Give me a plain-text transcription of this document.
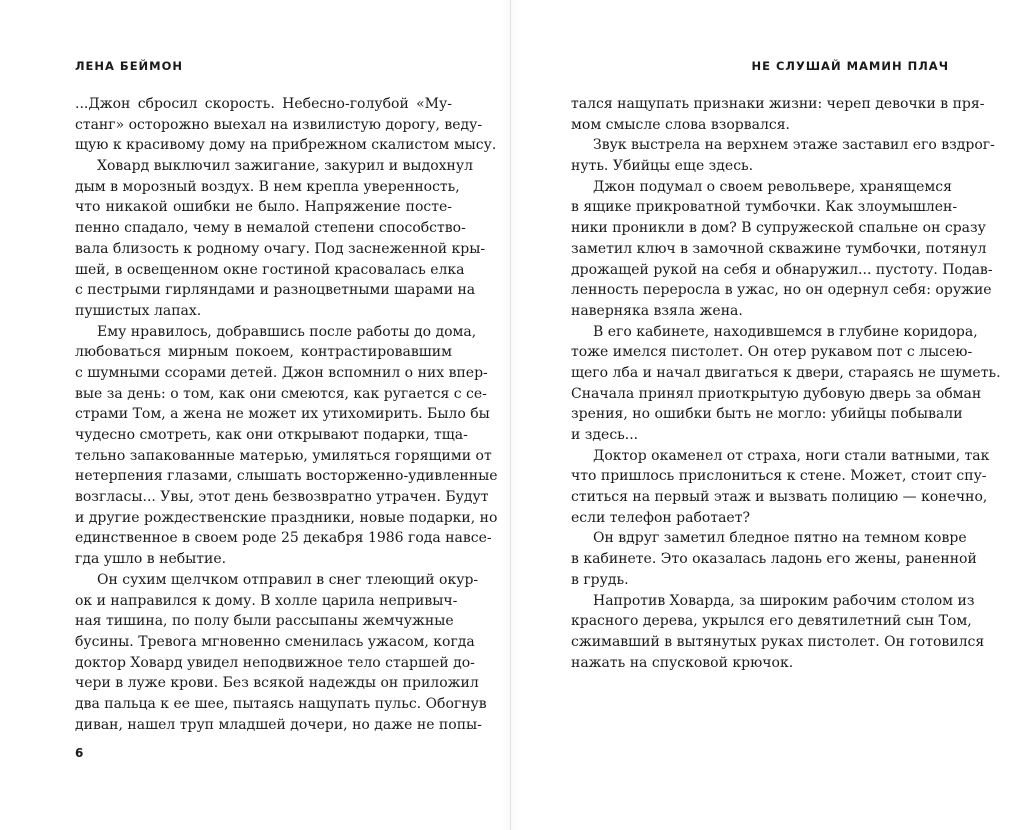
ЛЕНА БЕЙМОН	НЕ СЛУШАЙ МАМИН ПЛАЧ
...Джон сбросил скорость. Небесно-голубой «Му-
станг» осторожно выехал на извилистую дорогу, веду-
щую к красивому дому на прибрежном скалистом мысу.
Ховард выключил зажигание, закурил и выдохнул
дым в морозный воздух. В нем крепла уверенность,
что никакой ошибки не было. Напряжение посте-
пенно спадало, чему в немалой степени способство-
вала близость к родному очагу. Под заснеженной кры-
шей, в освещенном окне гостиной красовалась елка
с пестрыми гирляндами и разноцветными шарами на
пушистых лапах.
Ему нравилось, добравшись после работы до дома,
любоваться мирным покоем, контрастировавшим
с шумными ссорами детей. Джон вспомнил о них впер-
вые за день: о том, как они смеются, как ругается с се-
страми Том, а жена не может их утихомирить. Было бы
чудесно смотреть, как они открывают подарки, тща-
тельно запакованные матерью, умиляться горящими от
нетерпения глазами, слышать восторженно-удивленные
возгласы... Увы, этот день безвозвратно утрачен. Будут
и другие рождественские праздники, новые подарки, но
единственное в своем роде 25 декабря 1986 года навсе-
гда ушло в небытие.
Он сухим щелчком отправил в снег тлеющий окур-
ок и направился к дому. В холле царила непривыч-
ная тишина, по полу были рассыпаны жемчужные
бусины. Тревога мгновенно сменилась ужасом, когда
доктор Ховард увидел неподвижное тело старшей до-
чери в луже крови. Без всякой надежды он приложил
два пальца к ее шее, пытаясь нащупать пульс. Обогнув
диван, нашел труп младшей дочери, но даже не попы-
тался нащупать признаки жизни: череп девочки в пря-
мом смысле слова взорвался.
Звук выстрела на верхнем этаже заставил его вздрог-
нуть. Убийцы еще здесь.
Джон подумал о своем револьвере, хранящемся
в ящике прикроватной тумбочки. Как злоумышлен-
ники проникли в дом? В супружеской спальне он сразу
заметил ключ в замочной скважине тумбочки, потянул
дрожащей рукой на себя и обнаружил... пустоту. Подав-
ленность переросла в ужас, но он одернул себя: оружие
наверняка взяла жена.
В его кабинете, находившемся в глубине коридора,
тоже имелся пистолет. Он отер рукавом пот с лысею-
щего лба и начал двигаться к двери, стараясь не шуметь.
Сначала принял приоткрытую дубовую дверь за обман
зрения, но ошибки быть не могло: убийцы побывали
и здесь...
Доктор окаменел от страха, ноги стали ватными, так
что пришлось прислониться к стене. Может, стоит спу-
ститься на первый этаж и вызвать полицию — конечно,
если телефон работает?
Он вдруг заметил бледное пятно на темном ковре
в кабинете. Это оказалась ладонь его жены, раненной
в грудь.
Напротив Ховарда, за широким рабочим столом из
красного дерева, укрылся его девятилетний сын Том,
сжимавший в вытянутых руках пистолет. Он готовился
нажать на спусковой крючок.
6
